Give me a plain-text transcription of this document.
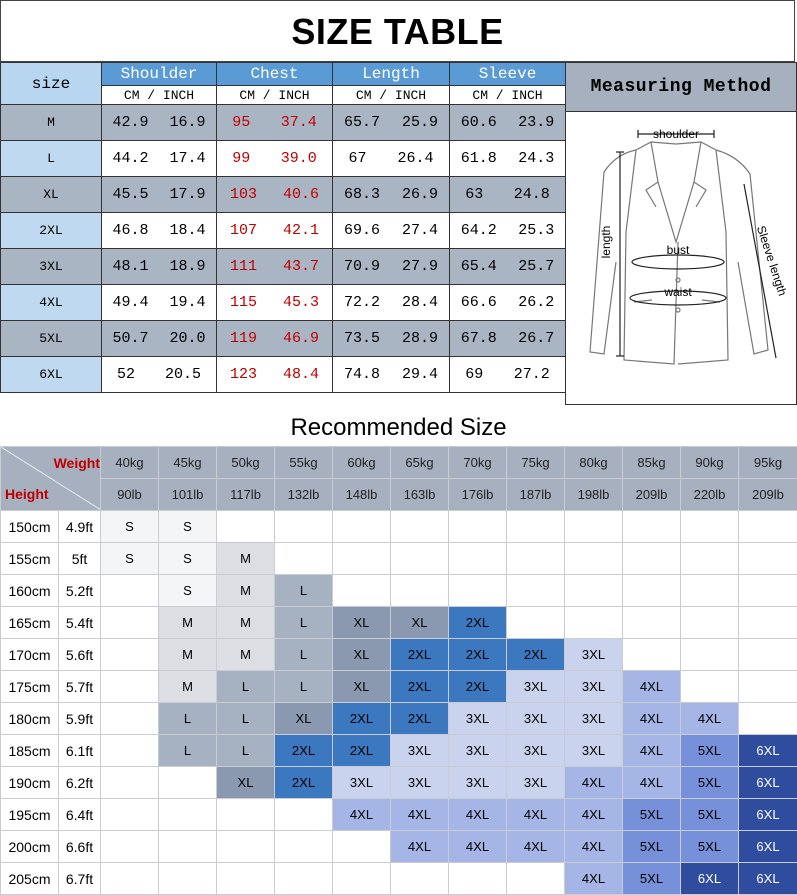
SIZE TABLE
size	Shoulder	Chest	Length	Sleeve
	CM / INCH	CM / INCH	CM / INCH	CM / INCH
M	42.9 16.9	95 37.4	65.7 25.9	60.6 23.9

L	44.2 17.4	99 39.0	67 26.4	61.8 24.3

XL	45.5 17.9	103 40.6	68.3 26.9	63 24.8

2XL	46.8 18.4	107 42.1	69.6 27.4	64.2 25.3

3XL	48.1 18.9	111 43.7	70.9 27.9	65.4 25.7

4XL	49.4 19.4	115 45.3	72.2 28.4	66.6 26.2

5XL	50.7 20.0	119 46.9	73.5 28.9	67.8 26.7

6XL	52 20.5	123 48.4	74.8 29.4	69 27.2
Measuring Method
shoulder
length	bust
waist	Sleeve length
Recommended Size
Weight
Height		40kg	45kg	50kg	55kg	60kg	65kg	70kg	75kg	80kg	85kg	90kg	95kg
		90lb	101lb	117lb	132lb	148lb	163lb	176lb	187lb	198lb	209lb	220lb	209lb
150cm	4.9ft	S	S										
155cm	5ft	S	S	M									
160cm	5.2ft		S	M	L								
165cm	5.4ft		M	M	L	XL	XL	2XL					
170cm	5.6ft		M	M	L	XL	2XL	2XL	2XL	3XL			
175cm	5.7ft		M	L	L	XL	2XL	2XL	3XL	3XL	4XL		
180cm	5.9ft		L	L	XL	2XL	2XL	3XL	3XL	3XL	4XL	4XL	
185cm	6.1ft		L	L	2XL	2XL	3XL	3XL	3XL	3XL	4XL	5XL	6XL
190cm	6.2ft			XL	2XL	3XL	3XL	3XL	3XL	4XL	4XL	5XL	6XL
195cm	6.4ft					4XL	4XL	4XL	4XL	4XL	5XL	5XL	6XL
200cm	6.6ft						4XL	4XL	4XL	4XL	5XL	5XL	6XL
205cm	6.7ft									4XL	5XL	6XL	6XL
